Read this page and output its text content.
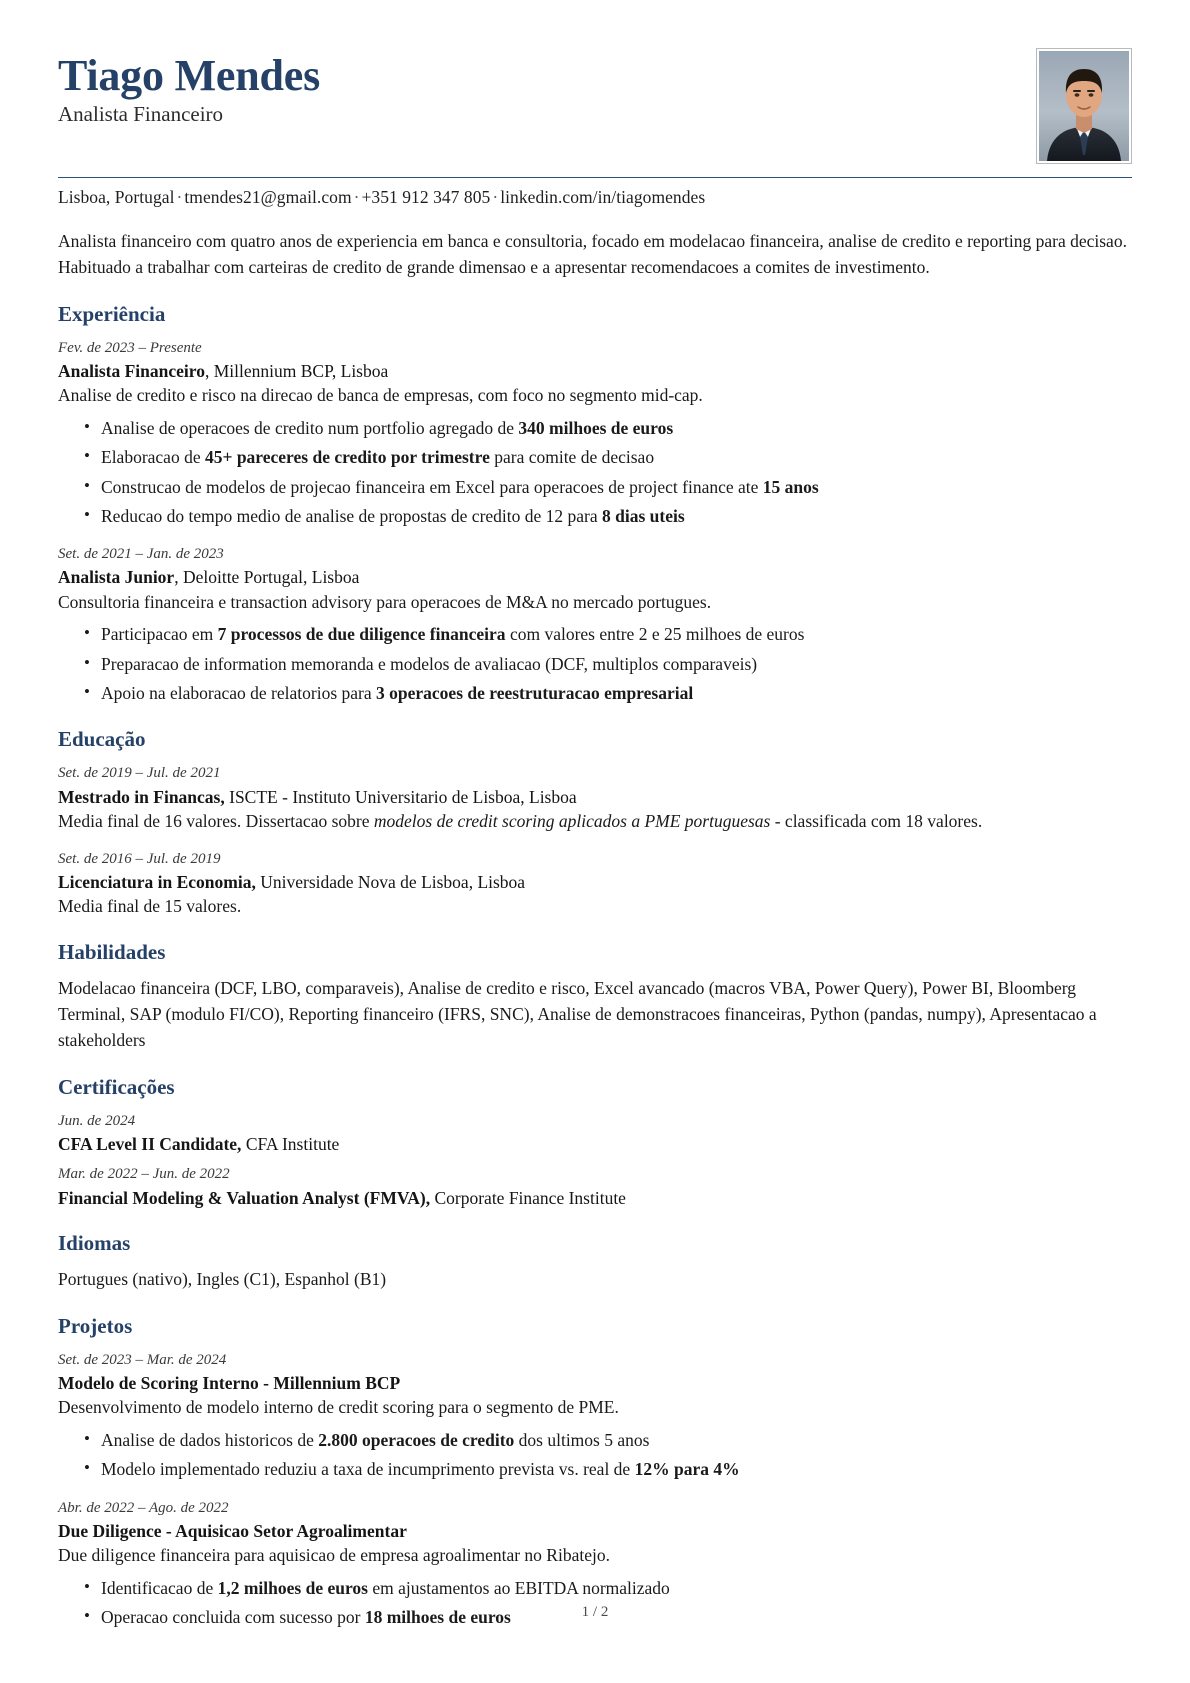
Tiago Mendes
Analista Financeiro
Lisboa, Portugal · tmendes21@gmail.com · +351 912 347 805 · linkedin.com/in/tiagomendes
Analista financeiro com quatro anos de experiencia em banca e consultoria, focado em modelacao financeira, analise de credito e reporting para decisao. Habituado a trabalhar com carteiras de credito de grande dimensao e a apresentar recomendacoes a comites de investimento.
Experiência
Fev. de 2023 – Presente
Analista Financeiro, Millennium BCP, Lisboa
Analise de credito e risco na direcao de banca de empresas, com foco no segmento mid-cap.
• Analise de operacoes de credito num portfolio agregado de 340 milhoes de euros
• Elaboracao de 45+ pareceres de credito por trimestre para comite de decisao
• Construcao de modelos de projecao financeira em Excel para operacoes de project finance ate 15 anos
• Reducao do tempo medio de analise de propostas de credito de 12 para 8 dias uteis
Set. de 2021 – Jan. de 2023
Analista Junior, Deloitte Portugal, Lisboa
Consultoria financeira e transaction advisory para operacoes de M&A no mercado portugues.
• Participacao em 7 processos de due diligence financeira com valores entre 2 e 25 milhoes de euros
• Preparacao de information memoranda e modelos de avaliacao (DCF, multiplos comparaveis)
• Apoio na elaboracao de relatorios para 3 operacoes de reestruturacao empresarial
Educação
Set. de 2019 – Jul. de 2021
Mestrado in Financas, ISCTE - Instituto Universitario de Lisboa, Lisboa
Media final de 16 valores. Dissertacao sobre modelos de credit scoring aplicados a PME portuguesas - classificada com 18 valores.
Set. de 2016 – Jul. de 2019
Licenciatura in Economia, Universidade Nova de Lisboa, Lisboa
Media final de 15 valores.
Habilidades
Modelacao financeira (DCF, LBO, comparaveis), Analise de credito e risco, Excel avancado (macros VBA, Power Query), Power BI, Bloomberg Terminal, SAP (modulo FI/CO), Reporting financeiro (IFRS, SNC), Analise de demonstracoes financeiras, Python (pandas, numpy), Apresentacao a stakeholders
Certificações
Jun. de 2024
CFA Level II Candidate, CFA Institute
Mar. de 2022 – Jun. de 2022
Financial Modeling & Valuation Analyst (FMVA), Corporate Finance Institute
Idiomas
Portugues (nativo), Ingles (C1), Espanhol (B1)
Projetos
Set. de 2023 – Mar. de 2024
Modelo de Scoring Interno - Millennium BCP
Desenvolvimento de modelo interno de credit scoring para o segmento de PME.
• Analise de dados historicos de 2.800 operacoes de credito dos ultimos 5 anos
• Modelo implementado reduziu a taxa de incumprimento prevista vs. real de 12% para 4%
Abr. de 2022 – Ago. de 2022
Due Diligence - Aquisicao Setor Agroalimentar
Due diligence financeira para aquisicao de empresa agroalimentar no Ribatejo.
• Identificacao de 1,2 milhoes de euros em ajustamentos ao EBITDA normalizado
• Operacao concluida com sucesso por 18 milhoes de euros	1 / 2
